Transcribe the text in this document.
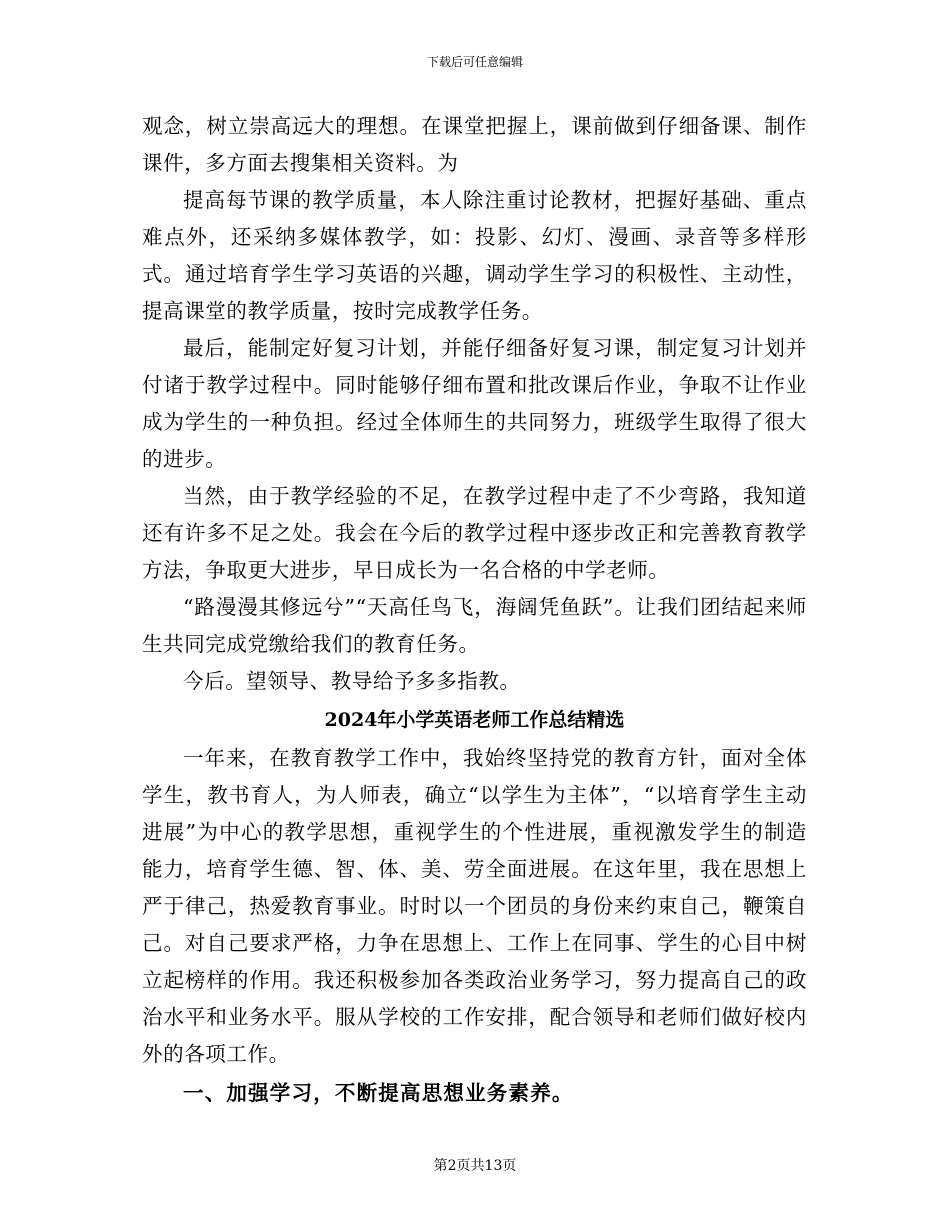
下载后可任意编辑

观念，树立崇高远大的理想。在课堂把握上，课前做到仔细备课、制作课件，多方面去搜集相关资料。为

提高每节课的教学质量，本人除注重讨论教材，把握好基础、重点难点外，还采纳多媒体教学，如：投影、幻灯、漫画、录音等多样形式。通过培育学生学习英语的兴趣，调动学生学习的积极性、主动性，提高课堂的教学质量，按时完成教学任务。

最后，能制定好复习计划，并能仔细备好复习课，制定复习计划并付诸于教学过程中。同时能够仔细布置和批改课后作业，争取不让作业成为学生的一种负担。经过全体师生的共同努力，班级学生取得了很大的进步。

当然，由于教学经验的不足，在教学过程中走了不少弯路，我知道还有许多不足之处。我会在今后的教学过程中逐步改正和完善教育教学方法，争取更大进步，早日成长为一名合格的中学老师。

“路漫漫其修远兮”“天高任鸟飞，海阔凭鱼跃”。让我们团结起来师生共同完成党缴给我们的教育任务。

今后。望领导、教导给予多多指教。

2024年小学英语老师工作总结精选

一年来，在教育教学工作中，我始终坚持党的教育方针，面对全体学生，教书育人，为人师表，确立“以学生为主体”，“以培育学生主动进展”为中心的教学思想，重视学生的个性进展，重视激发学生的制造能力，培育学生德、智、体、美、劳全面进展。在这年里，我在思想上严于律己，热爱教育事业。时时以一个团员的身份来约束自己，鞭策自己。对自己要求严格，力争在思想上、工作上在同事、学生的心目中树立起榜样的作用。我还积极参加各类政治业务学习，努力提高自己的政治水平和业务水平。服从学校的工作安排，配合领导和老师们做好校内外的各项工作。

一、加强学习，不断提高思想业务素养。
第2页共13页
